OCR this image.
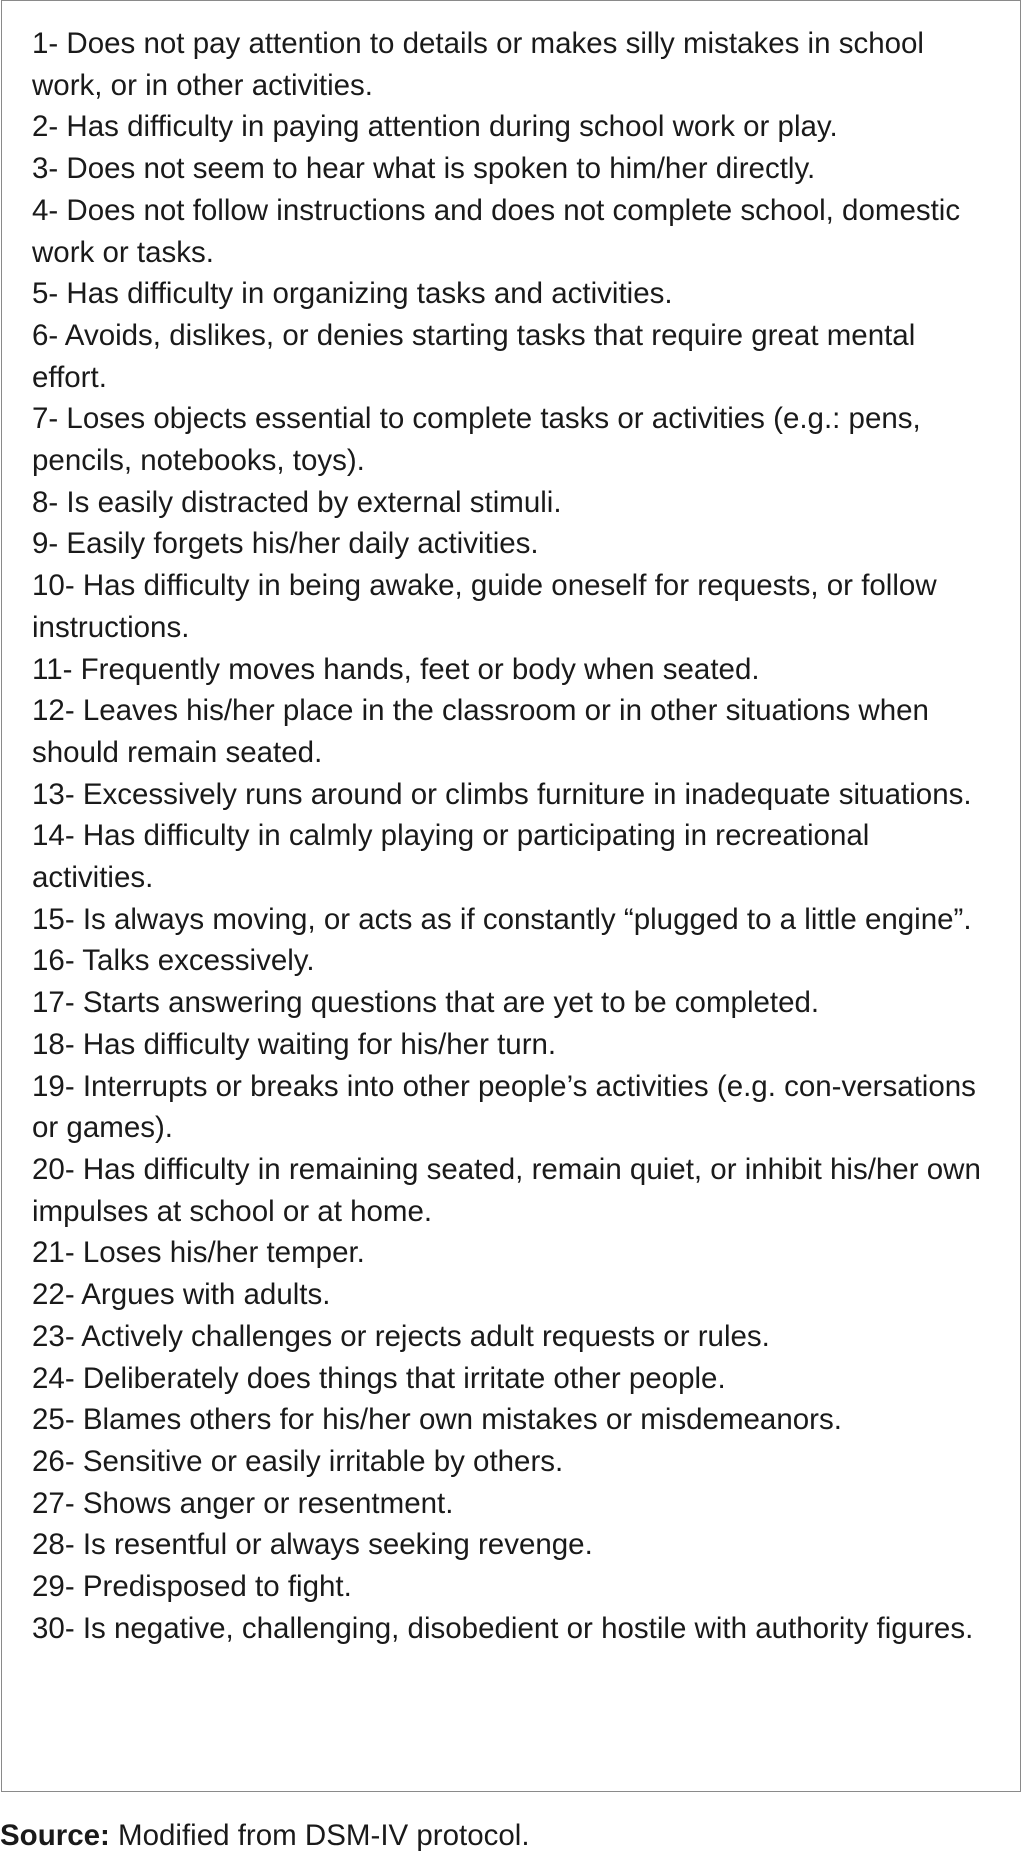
1- Does not pay attention to details or makes silly mistakes in school work, or in other activities.
2- Has difficulty in paying attention during school work or play.
3- Does not seem to hear what is spoken to him/her directly.
4- Does not follow instructions and does not complete school, domestic work or tasks.
5- Has difficulty in organizing tasks and activities.
6- Avoids, dislikes, or denies starting tasks that require great mental effort.
7- Loses objects essential to complete tasks or activities (e.g.: pens, pencils, notebooks, toys).
8- Is easily distracted by external stimuli.
9- Easily forgets his/her daily activities.
10- Has difficulty in being awake, guide oneself for requests, or follow instructions.
11- Frequently moves hands, feet or body when seated.
12- Leaves his/her place in the classroom or in other situations when should remain seated.
13- Excessively runs around or climbs furniture in inadequate situations.
14- Has difficulty in calmly playing or participating in recreational activities.
15- Is always moving, or acts as if constantly “plugged to a little engine”.
16- Talks excessively.
17- Starts answering questions that are yet to be completed.
18- Has difficulty waiting for his/her turn.
19- Interrupts or breaks into other people’s activities (e.g. con-versations or games).
20- Has difficulty in remaining seated, remain quiet, or inhibit his/her own impulses at school or at home.
21- Loses his/her temper.
22- Argues with adults.
23- Actively challenges or rejects adult requests or rules.
24- Deliberately does things that irritate other people.
25- Blames others for his/her own mistakes or misdemeanors.
26- Sensitive or easily irritable by others.
27- Shows anger or resentment.
28- Is resentful or always seeking revenge.
29- Predisposed to fight.
30- Is negative, challenging, disobedient or hostile with authority figures.
Source: Modified from DSM-IV protocol.
